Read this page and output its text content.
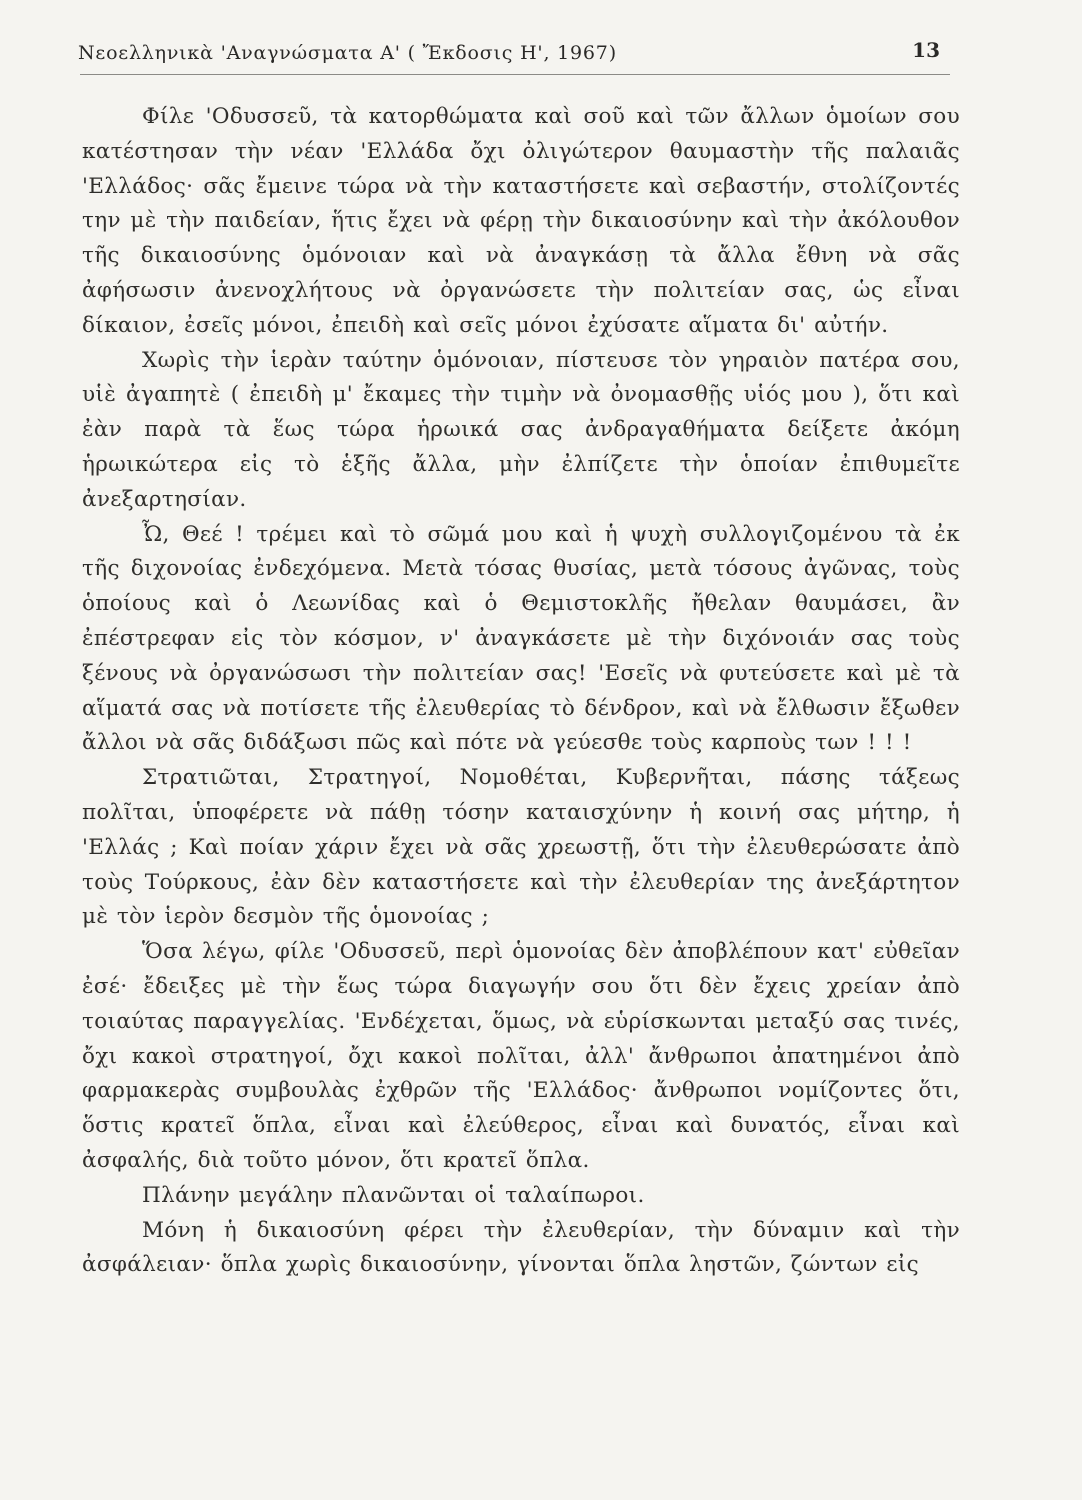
Νεοελληνικὰ 'Αναγνώσματα Α' ( Ἔκδοσις Η', 1967)	13

Φίλε 'Οδυσσεῦ, τὰ κατορθώματα καὶ σοῦ καὶ τῶν ἄλλων ὁμοίων σου κατέστησαν τὴν νέαν 'Ελλάδα ὄχι ὀλιγώτερον θαυμαστὴν τῆς παλαιᾶς 'Ελλάδος· σᾶς ἔμεινε τώρα νὰ τὴν καταστήσετε καὶ σεβαστήν, στολίζοντές την μὲ τὴν παιδείαν, ἥτις ἔχει νὰ φέρῃ τὴν δικαιοσύνην καὶ τὴν ἀκόλουθον τῆς δικαιοσύνης ὁμόνοιαν καὶ νὰ ἀναγκάσῃ τὰ ἄλλα ἔθνη νὰ σᾶς ἀφήσωσιν ἀνενοχλήτους νὰ ὀργανώσετε τὴν πολιτείαν σας, ὡς εἶναι δίκαιον, ἐσεῖς μόνοι, ἐπειδὴ καὶ σεῖς μόνοι ἐχύσατε αἵματα δι' αὐτήν.

Χωρὶς τὴν ἱερὰν ταύτην ὁμόνοιαν, πίστευσε τὸν γηραιὸν πατέρα σου, υἱὲ ἀγαπητὲ ( ἐπειδὴ μ' ἔκαμες τὴν τιμὴν νὰ ὀνομασθῇς υἱός μου ), ὅτι καὶ ἐὰν παρὰ τὰ ἕως τώρα ἡρωικά σας ἀνδραγαθήματα δείξετε ἀκόμη ἡρωικώτερα εἰς τὸ ἑξῆς ἄλλα, μὴν ἐλπίζετε τὴν ὁποίαν ἐπιθυμεῖτε ἀνεξαρτησίαν.

Ὦ, Θεέ ! τρέμει καὶ τὸ σῶμά μου καὶ ἡ ψυχὴ συλλογιζομένου τὰ ἐκ τῆς διχονοίας ἐνδεχόμενα. Μετὰ τόσας θυσίας, μετὰ τόσους ἀγῶνας, τοὺς ὁποίους καὶ ὁ Λεωνίδας καὶ ὁ Θεμιστοκλῆς ἤθελαν θαυμάσει, ἂν ἐπέστρεφαν εἰς τὸν κόσμον, ν' ἀναγκάσετε μὲ τὴν διχόνοιάν σας τοὺς ξένους νὰ ὀργανώσωσι τὴν πολιτείαν σας! 'Εσεῖς νὰ φυτεύσετε καὶ μὲ τὰ αἵματά σας νὰ ποτίσετε τῆς ἐλευθερίας τὸ δένδρον, καὶ νὰ ἔλθωσιν ἔξωθεν ἄλλοι νὰ σᾶς διδάξωσι πῶς καὶ πότε νὰ γεύεσθε τοὺς καρποὺς των ! ! !

Στρατιῶται, Στρατηγοί, Νομοθέται, Κυβερνῆται, πάσης τάξεως πολῖται, ὑποφέρετε νὰ πάθῃ τόσην καταισχύνην ἡ κοινή σας μήτηρ, ἡ 'Ελλάς ; Καὶ ποίαν χάριν ἔχει νὰ σᾶς χρεωστῇ, ὅτι τὴν ἐλευθερώσατε ἀπὸ τοὺς Τούρκους, ἐὰν δὲν καταστήσετε καὶ τὴν ἐλευθερίαν της ἀνεξάρτητον μὲ τὸν ἱερὸν δεσμὸν τῆς ὁμονοίας ;

Ὅσα λέγω, φίλε 'Οδυσσεῦ, περὶ ὁμονοίας δὲν ἀποβλέπουν κατ' εὐθεῖαν ἐσέ· ἔδειξες μὲ τὴν ἕως τώρα διαγωγήν σου ὅτι δὲν ἔχεις χρείαν ἀπὸ τοιαύτας παραγγελίας. 'Ενδέχεται, ὅμως, νὰ εὑρίσκωνται μεταξύ σας τινές, ὄχι κακοὶ στρατηγοί, ὄχι κακοὶ πολῖται, ἀλλ' ἄνθρωποι ἀπατημένοι ἀπὸ φαρμακερὰς συμβουλὰς ἐχθρῶν τῆς 'Ελλάδος· ἄνθρωποι νομίζοντες ὅτι, ὅστις κρατεῖ ὅπλα, εἶναι καὶ ἐλεύθερος, εἶναι καὶ δυνατός, εἶναι καὶ ἀσφαλής, διὰ τοῦτο μόνον, ὅτι κρατεῖ ὅπλα.

Πλάνην μεγάλην πλανῶνται οἱ ταλαίπωροι.

Μόνη ἡ δικαιοσύνη φέρει τὴν ἐλευθερίαν, τὴν δύναμιν καὶ τὴν ἀσφάλειαν· ὅπλα χωρὶς δικαιοσύνην, γίνονται ὅπλα ληστῶν, ζώντων εἰς
